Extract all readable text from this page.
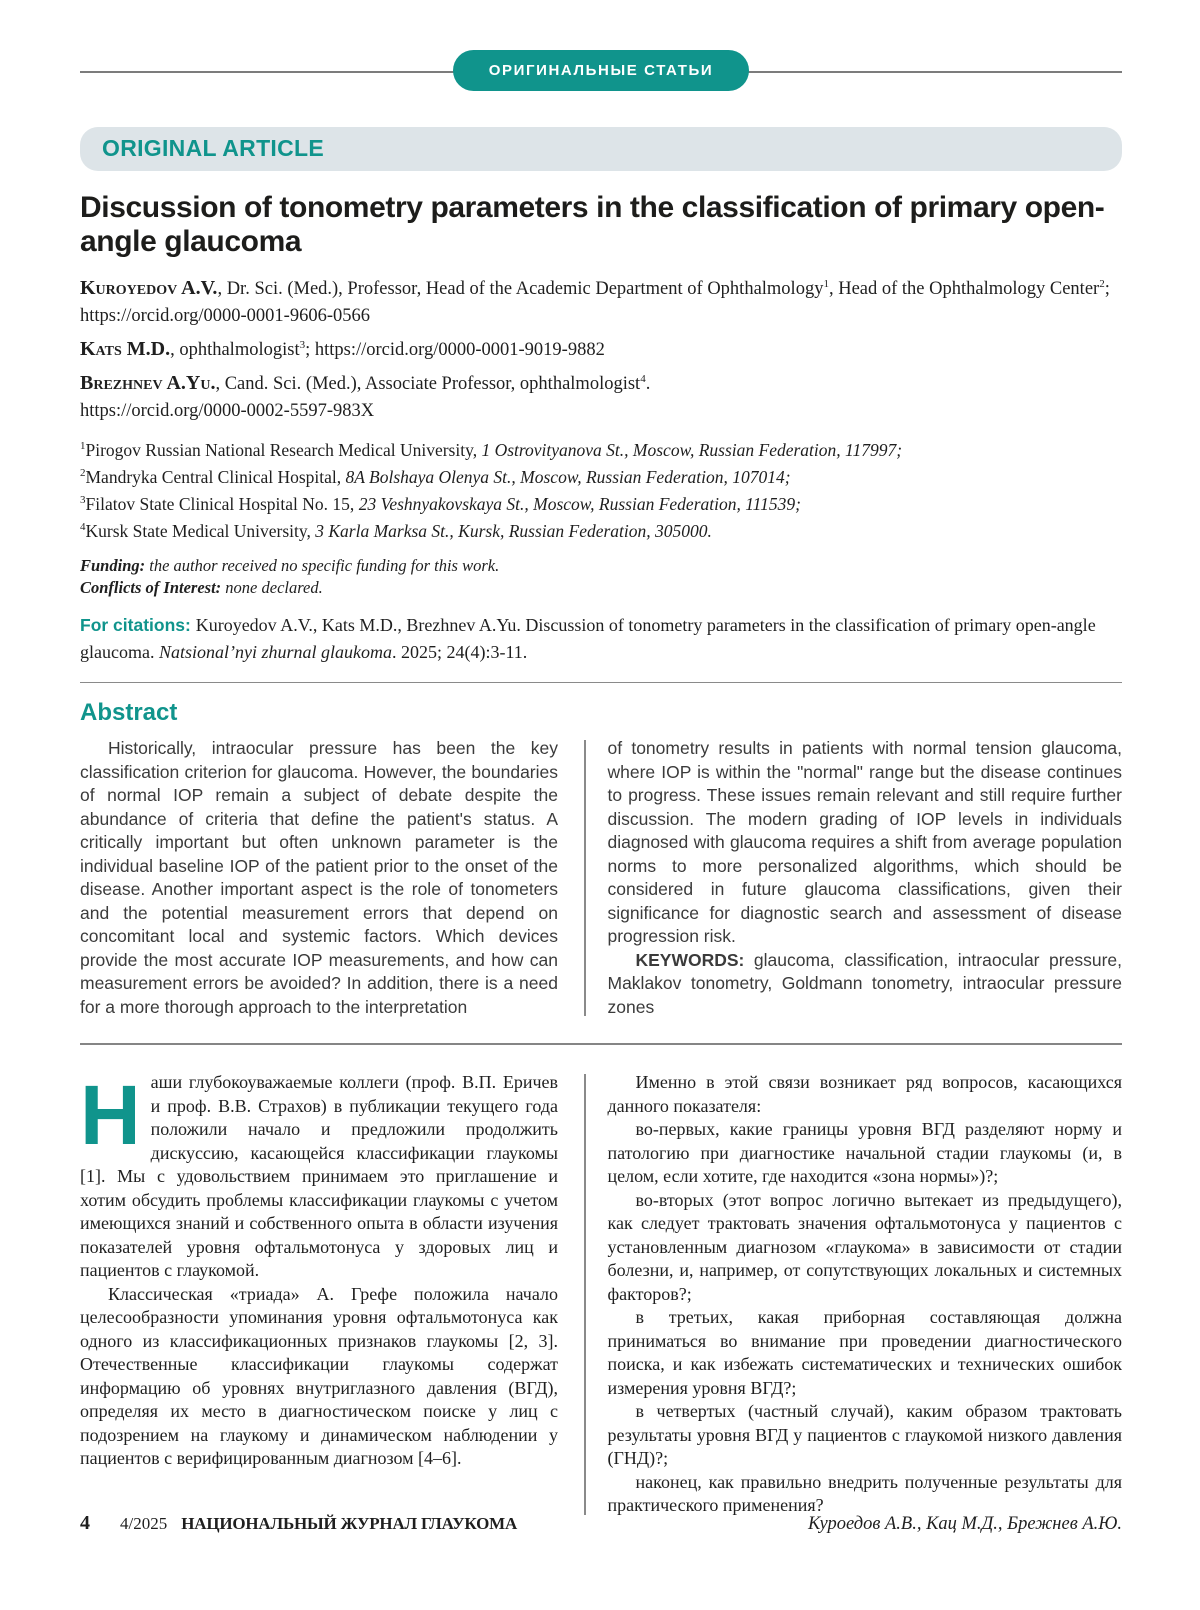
ОРИГИНАЛЬНЫЕ СТАТЬИ
ORIGINAL ARTICLE
Discussion of tonometry parameters in the classification of primary open-angle glaucoma

Kuroyedov A.V., Dr. Sci. (Med.), Professor, Head of the Academic Department of Ophthalmology$^1$, Head of the Ophthalmology Center$^2$; https://orcid.org/0000-0001-9606-0566

Kats M.D., ophthalmologist$^3$; https://orcid.org/0000-0001-9019-9882

Brezhnev A.Yu., Cand. Sci. (Med.), Associate Professor, ophthalmologist$^4$.
https://orcid.org/0000-0002-5597-983X

$^1$Pirogov Russian National Research Medical University, 1 Ostrovityanova St., Moscow, Russian Federation, 117997;

$^2$Mandryka Central Clinical Hospital, 8A Bolshaya Olenya St., Moscow, Russian Federation, 107014;

$^3$Filatov State Clinical Hospital No. 15, 23 Veshnyakovskaya St., Moscow, Russian Federation, 111539;

$^4$Kursk State Medical University, 3 Karla Marksa St., Kursk, Russian Federation, 305000.

Funding: the author received no specific funding for this work.

Conflicts of Interest: none declared.

For citations: Kuroyedov A.V., Kats M.D., Brezhnev A.Yu. Discussion of tonometry parameters in the classification of primary open-angle glaucoma. Natsional’nyi zhurnal glaukoma. 2025; 24(4):3-11.

Abstract

Historically, intraocular pressure has been the key classification criterion for glaucoma. However, the boundaries of normal IOP remain a subject of debate despite the abundance of criteria that define the patient's status. A critically important but often unknown parameter is the individual baseline IOP of the patient prior to the onset of the disease. Another important aspect is the role of tonometers and the potential measurement errors that depend on concomitant local and systemic factors. Which devices provide the most accurate IOP measurements, and how can measurement errors be avoided? In addition, there is a need for a more thorough approach to the interpretation

of tonometry results in patients with normal tension glaucoma, where IOP is within the "normal" range but the disease continues to progress. These issues remain relevant and still require further discussion. The modern grading of IOP levels in individuals diagnosed with glaucoma requires a shift from average population norms to more personalized algorithms, which should be considered in future glaucoma classifications, given their significance for diagnostic search and assessment of disease progression risk.

KEYWORDS: glaucoma, classification, intraocular pressure, Maklakov tonometry, Goldmann tonometry, intraocular pressure zones

Наши глубокоуважаемые коллеги (проф. В.П. Еричев и проф. В.В. Страхов) в публикации текущего года положили начало и предложили продолжить дискуссию, касающейся классификации глаукомы [1]. Мы с удовольствием принимаем это приглашение и хотим обсудить проблемы классификации глаукомы с учетом имеющихся знаний и собственного опыта в области изучения показателей уровня офтальмотонуса у здоровых лиц и пациентов с глаукомой.

Классическая «триада» А. Грефе положила начало целесообразности упоминания уровня офтальмотонуса как одного из классификационных признаков глаукомы [2, 3]. Отечественные классификации глаукомы содержат информацию об уровнях внутриглазного давления (ВГД), определяя их место в диагностическом поиске у лиц с подозрением на глаукому и динамическом наблюдении у пациентов с верифицированным диагнозом [4–6].

Именно в этой связи возникает ряд вопросов, касающихся данного показателя:

во-первых, какие границы уровня ВГД разделяют норму и патологию при диагностике начальной стадии глаукомы (и, в целом, если хотите, где находится «зона нормы»)?;

во-вторых (этот вопрос логично вытекает из предыдущего), как следует трактовать значения офтальмотонуса у пациентов с установленным диагнозом «глаукома» в зависимости от стадии болезни, и, например, от сопутствующих локальных и системных факторов?;

в третьих, какая приборная составляющая должна приниматься во внимание при проведении диагностического поиска, и как избежать систематических и технических ошибок измерения уровня ВГД?;

в четвертых (частный случай), каким образом трактовать результаты уровня ВГД у пациентов с глаукомой низкого давления (ГНД)?;

наконец, как правильно внедрить полученные результаты для практического применения?

4 4/2025 НАЦИОНАЛЬНЫЙ ЖУРНАЛ ГЛАУКОМА	Куроедов А.В., Кац М.Д., Брежнев А.Ю.
